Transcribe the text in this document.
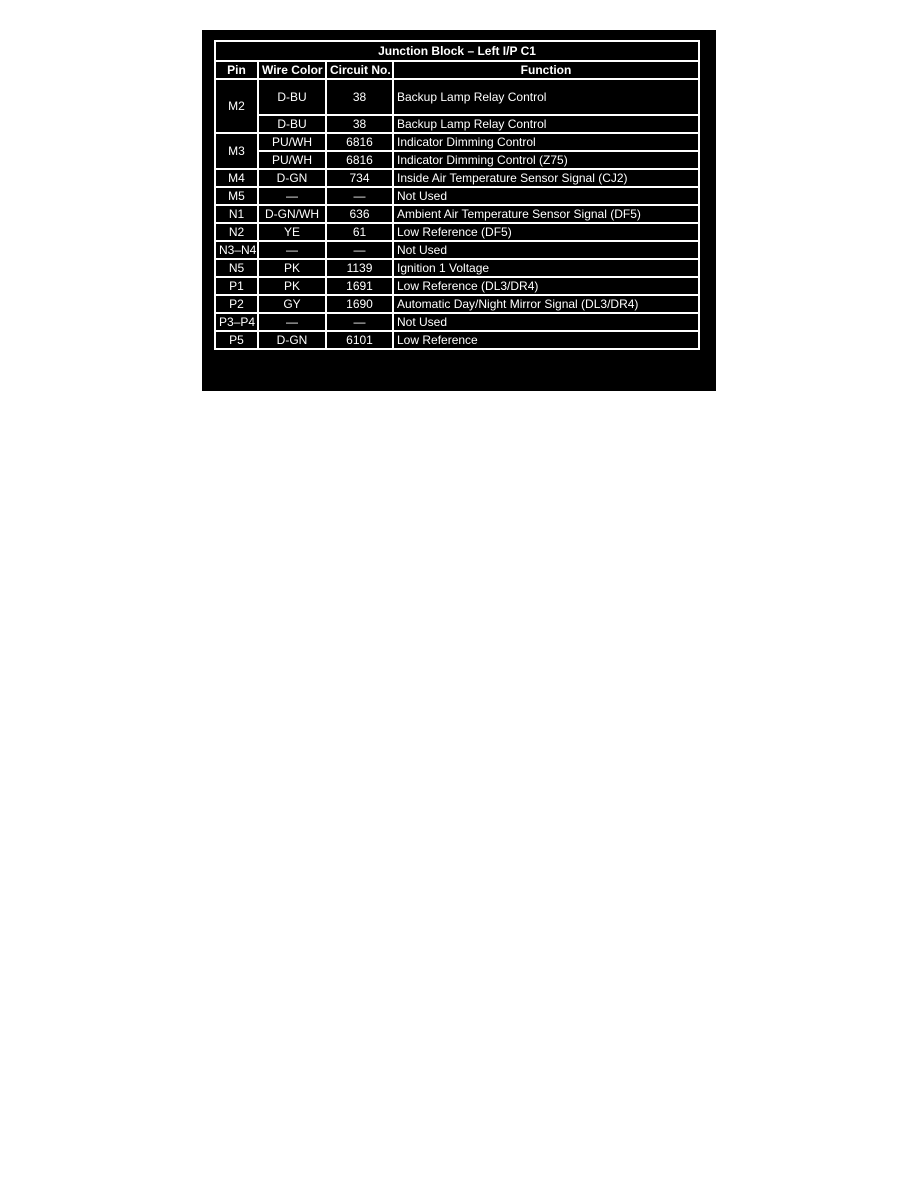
Junction Block – Left I/P C1			
Pin	Wire Color	Circuit No.	Function
M2	D-BU	38	Backup Lamp Relay Control
	D-BU	38	Backup Lamp Relay Control
M3	PU/WH	6816	Indicator Dimming Control
	PU/WH	6816	Indicator Dimming Control (Z75)
M4	D-GN	734	Inside Air Temperature Sensor Signal (CJ2)
M5	—	—	Not Used
N1	D-GN/WH	636	Ambient Air Temperature Sensor Signal (DF5)
N2	YE	61	Low Reference (DF5)
N3–N4	—	—	Not Used
N5	PK	1139	Ignition 1 Voltage
P1	PK	1691	Low Reference (DL3/DR4)
P2	GY	1690	Automatic Day/Night Mirror Signal (DL3/DR4)
P3–P4	—	—	Not Used
P5	D-GN	6101	Low Reference
